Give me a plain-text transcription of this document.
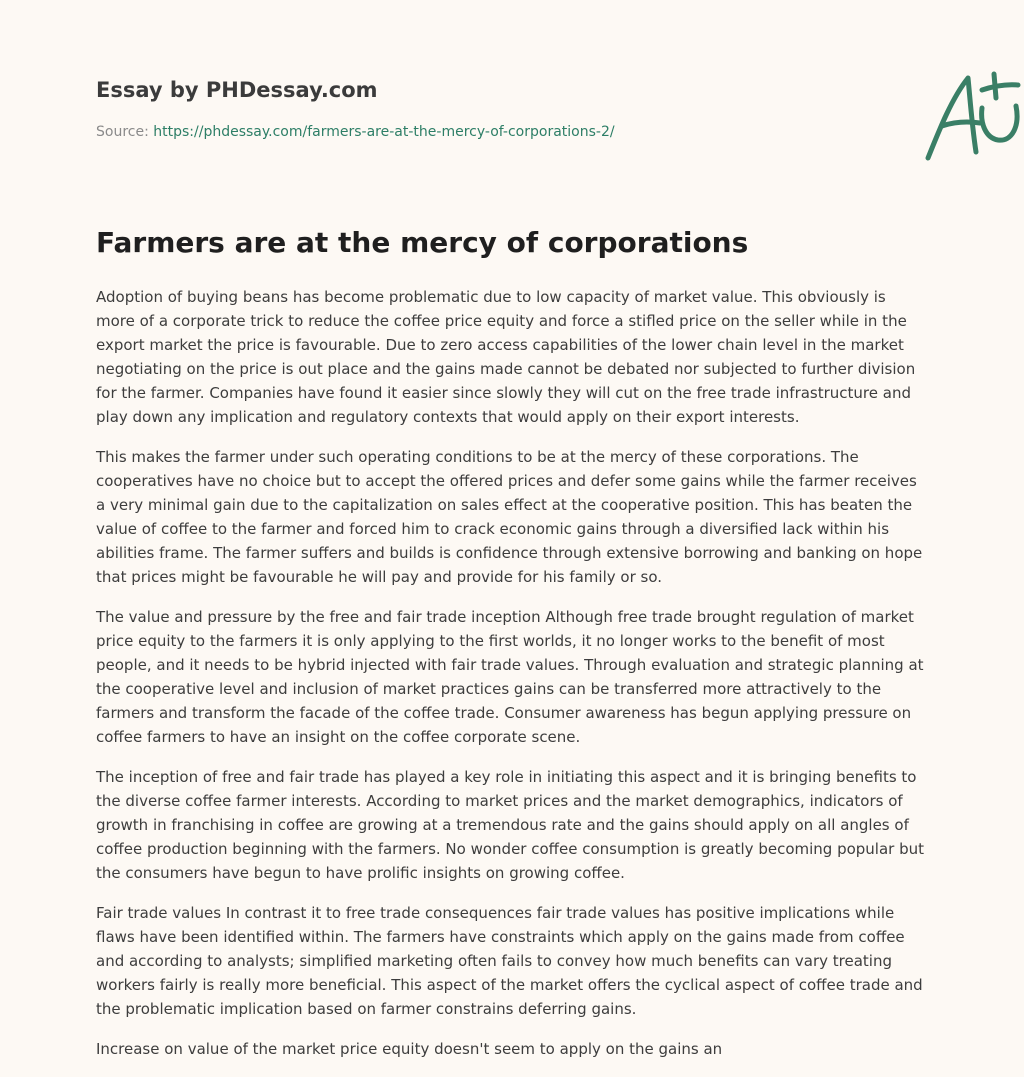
Essay by PHDessay.com
Source: https://phdessay.com/farmers-are-at-the-mercy-of-corporations-2/
Farmers are at the mercy of corporations

Adoption of buying beans has become problematic due to low capacity of market value. This obviously is more of a corporate trick to reduce the coffee price equity and force a stifled price on the seller while in the export market the price is favourable. Due to zero access capabilities of the lower chain level in the market negotiating on the price is out place and the gains made cannot be debated nor subjected to further division for the farmer. Companies have found it easier since slowly they will cut on the free trade infrastructure and play down any implication and regulatory contexts that would apply on their export interests.

This makes the farmer under such operating conditions to be at the mercy of these corporations. The cooperatives have no choice but to accept the offered prices and defer some gains while the farmer receives a very minimal gain due to the capitalization on sales effect at the cooperative position. This has beaten the value of coffee to the farmer and forced him to crack economic gains through a diversified lack within his abilities frame. The farmer suffers and builds is confidence through extensive borrowing and banking on hope that prices might be favourable he will pay and provide for his family or so.

The value and pressure by the free and fair trade inception Although free trade brought regulation of market price equity to the farmers it is only applying to the first worlds, it no longer works to the benefit of most people, and it needs to be hybrid injected with fair trade values. Through evaluation and strategic planning at the cooperative level and inclusion of market practices gains can be transferred more attractively to the farmers and transform the facade of the coffee trade. Consumer awareness has begun applying pressure on coffee farmers to have an insight on the coffee corporate scene.

The inception of free and fair trade has played a key role in initiating this aspect and it is bringing benefits to the diverse coffee farmer interests. According to market prices and the market demographics, indicators of growth in franchising in coffee are growing at a tremendous rate and the gains should apply on all angles of coffee production beginning with the farmers. No wonder coffee consumption is greatly becoming popular but the consumers have begun to have prolific insights on growing coffee.

Fair trade values In contrast it to free trade consequences fair trade values has positive implications while flaws have been identified within. The farmers have constraints which apply on the gains made from coffee and according to analysts; simplified marketing often fails to convey how much benefits can vary treating workers fairly is really more beneficial. This aspect of the market offers the cyclical aspect of coffee trade and the problematic implication based on farmer constrains deferring gains.

Increase on value of the market price equity doesn't seem to apply on the gains an
